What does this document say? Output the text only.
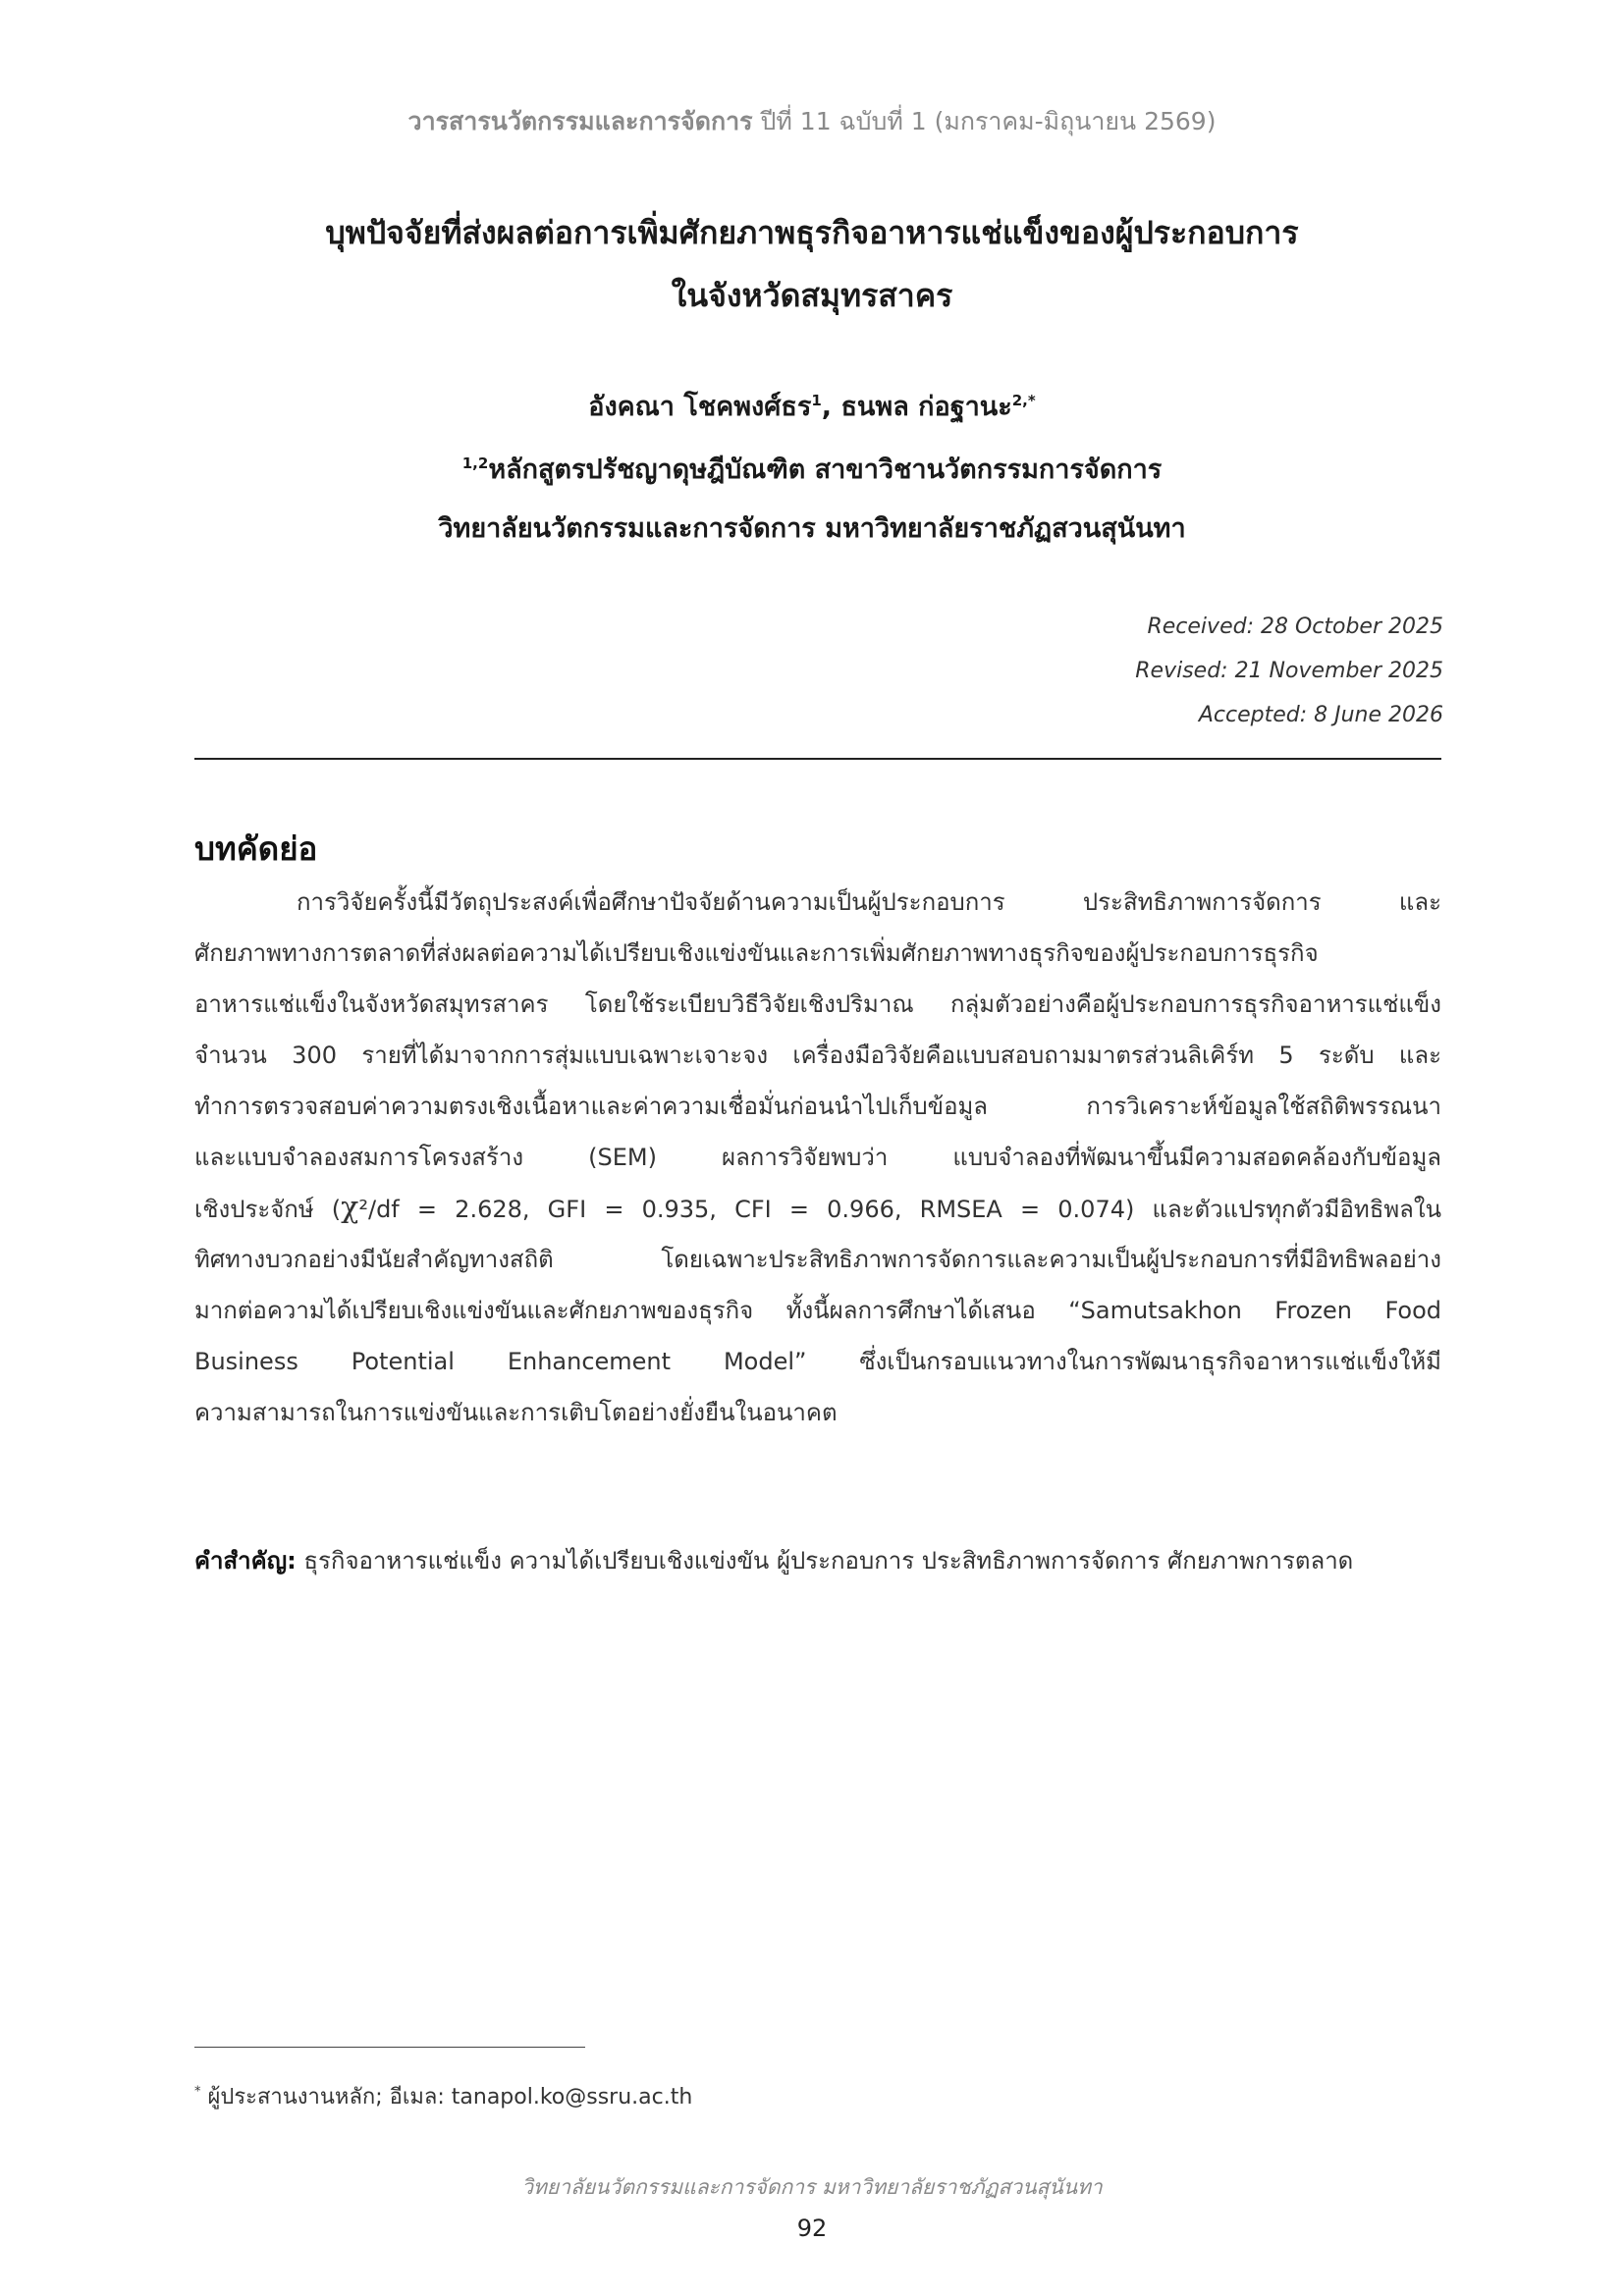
วารสารนวัตกรรมและการจัดการ ปีที่ 11 ฉบับที่ 1 (มกราคม-มิถุนายน 2569)
บุพปัจจัยที่ส่งผลต่อการเพิ่มศักยภาพธุรกิจอาหารแช่แข็งของผู้ประกอบการ
ในจังหวัดสมุทรสาคร
อังคณา โชคพงศ์ธร$^1$, ธนพล ก่อฐานะ$^{2,*}$
$^{1,2}$หลักสูตรปรัชญาดุษฎีบัณฑิต สาขาวิชานวัตกรรมการจัดการ
วิทยาลัยนวัตกรรมและการจัดการ มหาวิทยาลัยราชภัฏสวนสุนันทา
Received: 28 October 2025
Revised: 21 November 2025
Accepted: 8 June 2026
บทคัดย่อ
การวิจัยครั้งนี้มีวัตถุประสงค์เพื่อศึกษาปัจจัยด้านความเป็นผู้ประกอบการ ประสิทธิภาพการจัดการ และ
ศักยภาพทางการตลาดที่ส่งผลต่อความได้เปรียบเชิงแข่งขันและการเพิ่มศักยภาพทางธุรกิจของผู้ประกอบการธุรกิจ
อาหารแช่แข็งในจังหวัดสมุทรสาคร โดยใช้ระเบียบวิธีวิจัยเชิงปริมาณ กลุ่มตัวอย่างคือผู้ประกอบการธุรกิจอาหารแช่แข็ง
จำนวน 300 รายที่ได้มาจากการสุ่มแบบเฉพาะเจาะจง เครื่องมือวิจัยคือแบบสอบถามมาตรส่วนลิเคิร์ท 5 ระดับ และ
ทำการตรวจสอบค่าความตรงเชิงเนื้อหาและค่าความเชื่อมั่นก่อนนำไปเก็บข้อมูล การวิเคราะห์ข้อมูลใช้สถิติพรรณนา
และแบบจำลองสมการโครงสร้าง (SEM) ผลการวิจัยพบว่า แบบจำลองที่พัฒนาขึ้นมีความสอดคล้องกับข้อมูล
เชิงประจักษ์ (χ²/df = 2.628, GFI = 0.935, CFI = 0.966, RMSEA = 0.074) และตัวแปรทุกตัวมีอิทธิพลใน
ทิศทางบวกอย่างมีนัยสำคัญทางสถิติ โดยเฉพาะประสิทธิภาพการจัดการและความเป็นผู้ประกอบการที่มีอิทธิพลอย่าง
มากต่อความได้เปรียบเชิงแข่งขันและศักยภาพของธุรกิจ ทั้งนี้ผลการศึกษาได้เสนอ “Samutsakhon Frozen Food
Business Potential Enhancement Model” ซึ่งเป็นกรอบแนวทางในการพัฒนาธุรกิจอาหารแช่แข็งให้มี
ความสามารถในการแข่งขันและการเติบโตอย่างยั่งยืนในอนาคต
คำสำคัญ: ธุรกิจอาหารแช่แข็ง ความได้เปรียบเชิงแข่งขัน ผู้ประกอบการ ประสิทธิภาพการจัดการ ศักยภาพการตลาด
* ผู้ประสานงานหลัก; อีเมล: tanapol.ko@ssru.ac.th
วิทยาลัยนวัตกรรมและการจัดการ มหาวิทยาลัยราชภัฏสวนสุนันทา
92
